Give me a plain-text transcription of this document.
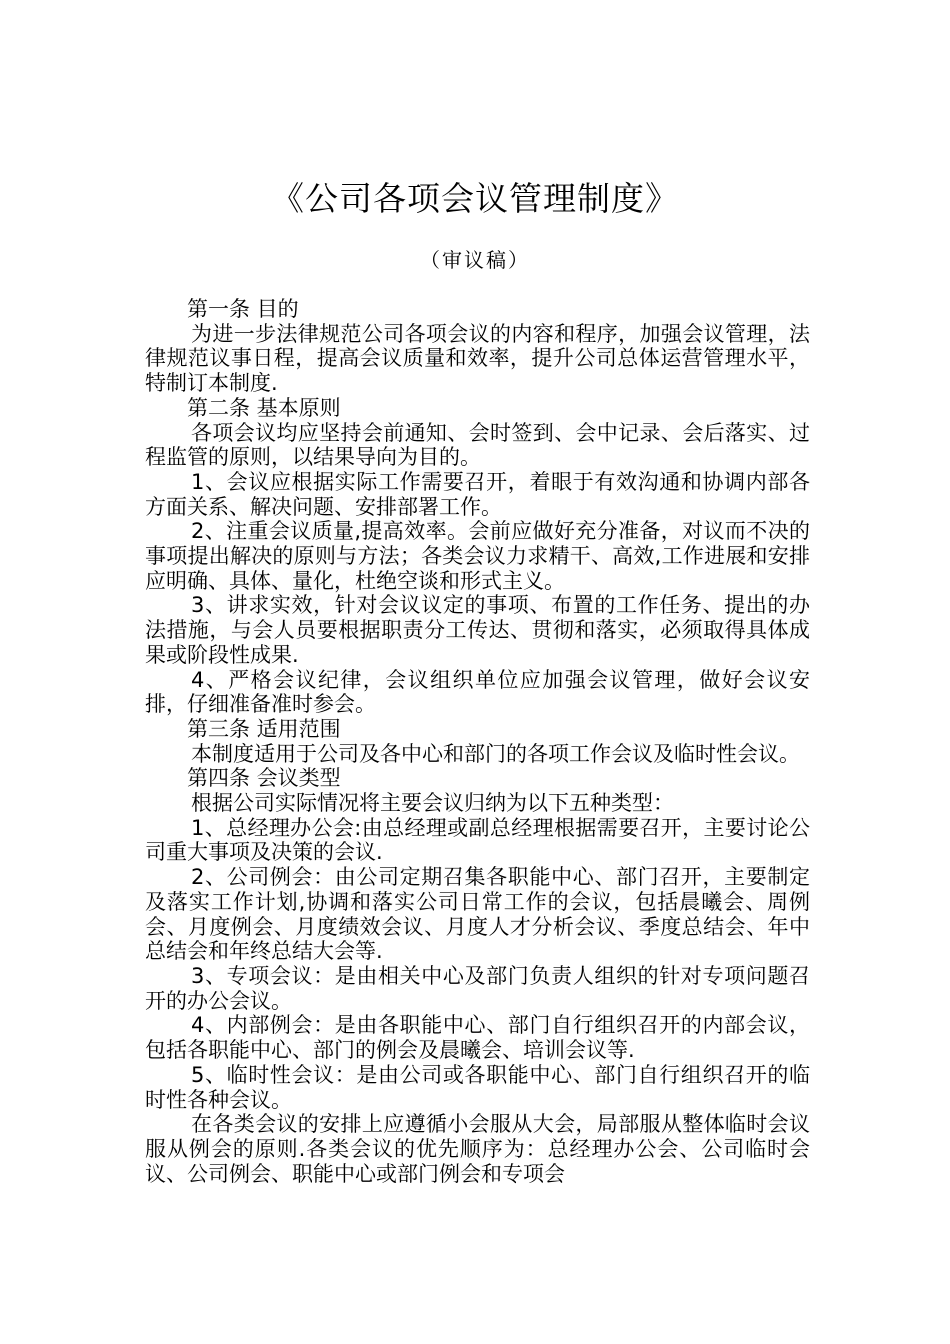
《公司各项会议管理制度》
（审议稿）

第一条 目的

为进一步法律规范公司各项会议的内容和程序，加强会议管理，法律规范议事日程，提高会议质量和效率，提升公司总体运营管理水平，特制订本制度.

第二条 基本原则

各项会议均应坚持会前通知、会时签到、会中记录、会后落实、过程监管的原则，以结果导向为目的。

1、会议应根据实际工作需要召开，着眼于有效沟通和协调内部各方面关系、解决问题、安排部署工作。

2、注重会议质量,提高效率。会前应做好充分准备，对议而不决的事项提出解决的原则与方法；各类会议力求精干、高效,工作进展和安排应明确、具体、量化，杜绝空谈和形式主义。

3、讲求实效，针对会议议定的事项、布置的工作任务、提出的办法措施，与会人员要根据职责分工传达、贯彻和落实，必须取得具体成果或阶段性成果.

4、严格会议纪律，会议组织单位应加强会议管理，做好会议安排，仔细准备准时参会。

第三条 适用范围

本制度适用于公司及各中心和部门的各项工作会议及临时性会议。

第四条 会议类型

根据公司实际情况将主要会议归纳为以下五种类型：

1、总经理办公会:由总经理或副总经理根据需要召开，主要讨论公司重大事项及决策的会议.

2、公司例会：由公司定期召集各职能中心、部门召开，主要制定及落实工作计划,协调和落实公司日常工作的会议，包括晨曦会、周例会、月度例会、月度绩效会议、月度人才分析会议、季度总结会、年中总结会和年终总结大会等.

3、专项会议：是由相关中心及部门负责人组织的针对专项问题召开的办公会议。

4、内部例会：是由各职能中心、部门自行组织召开的内部会议，包括各职能中心、部门的例会及晨曦会、培训会议等.

5、临时性会议：是由公司或各职能中心、部门自行组织召开的临时性各种会议。

在各类会议的安排上应遵循小会服从大会，局部服从整体临时会议服从例会的原则.各类会议的优先顺序为：总经理办公会、公司临时会议、公司例会、职能中心或部门例会和专项会
